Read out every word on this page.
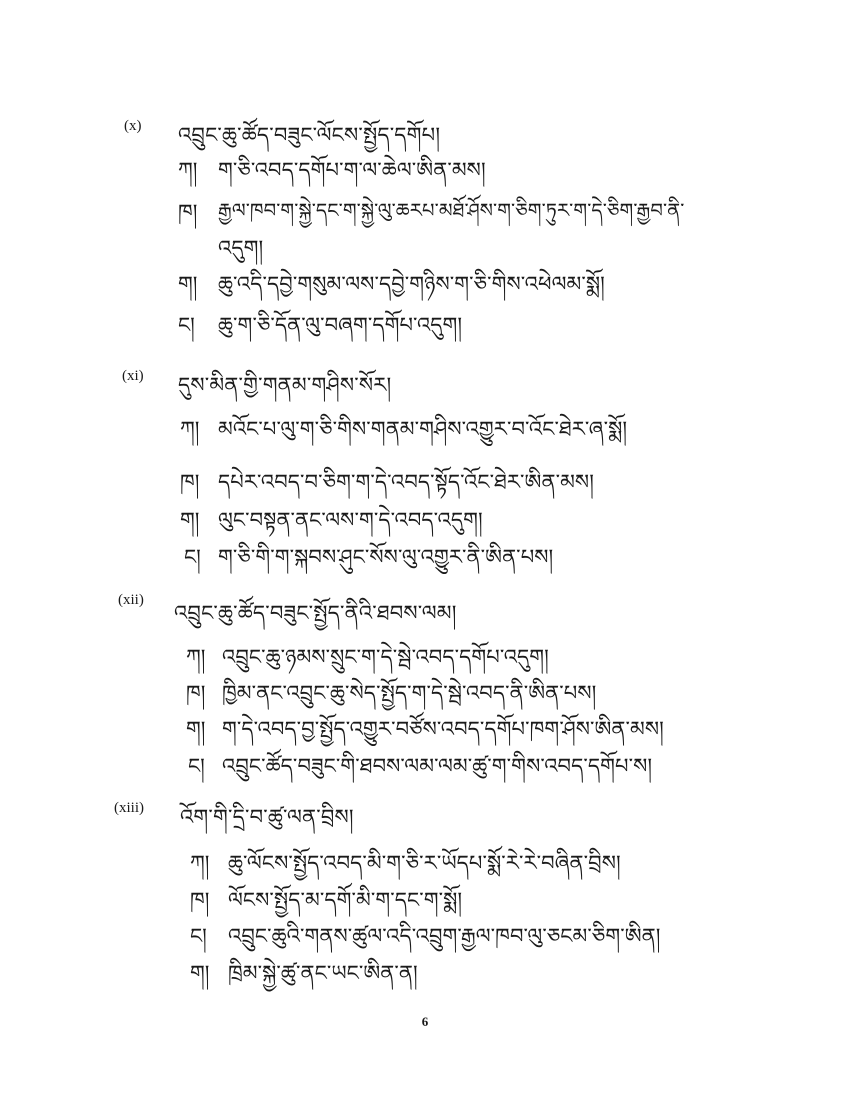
(x) འབྲུང་ཆུ་ཚོད་བཟུང་ལོངས་སྤྱོད་དགོཔ།
ཀ། ག་ཅི་འབད་དགོཔ་ག་ལ་ཆེལ་ཨིན་མས།
ཁ། རྒྱལ་ཁབ་ག་སྐྱེ་དང་ག་སྐྱེ་ལུ་ཆརཔ་མཐོ་ཤོས་ག་ཅིག་ཏུར་ག་དེ་ཅིག་རྒྱབ་ནི་
འདུག།
ག། ཆུ་འདི་དབྱེ་གསུམ་ལས་དབྱེ་གཉིས་ག་ཅི་གིས་འཕེལམ་སྨོ།
ང། ཆུ་ག་ཅི་དོན་ལུ་བཞག་དགོཔ་འདུག།
(xi) དུས་མིན་གྱི་གནམ་གཤིས་སོར།
ཀ། མའོང་པ་ལུ་ག་ཅི་གིས་གནམ་གཤིས་འགྱུར་བ་འོང་ཐེར་ཞ་སྨོ།
ཁ། དཔེར་འབད་བ་ཅིག་ག་དེ་འབད་སྟོད་འོང་ཐེར་ཨིན་མས།
ག། ལུང་བསྟན་ནང་ལས་ག་དེ་འབད་འདུག།
ང། ག་ཅི་གི་ག་སྐབས་ཤུང་སོས་ལུ་འགྱུར་ནི་ཨིན་པས།
(xii)
འབྲུང་ཆུ་ཚོད་བཟུང་སྤྱོད་ནིའི་ཐབས་ལམ།
ཀ། འབྲུང་ཆུ་ཉམས་སྲུང་ག་དེ་སྦེ་འབད་དགོཔ་འདུག།
ཁ། ཁྱིམ་ནང་འབྲུང་ཆུ་སེད་སྤྱོད་ག་དེ་སྦེ་འབད་ནི་ཨིན་པས།
ག། ག་དེ་འབད་བྱ་སྤྱོད་འགྱུར་བཙོས་འབད་དགོཔ་ཁག་ཤོས་ཨིན་མས།
ང། འབྲུང་ཚོད་བཟུང་གི་ཐབས་ལམ་ལམ་ཚུ་ག་གིས་འབད་དགོཔ་ས།
(xiii) འོག་གི་དྲི་བ་ཚུ་ལན་བྲིས།
ཀ། ཆུ་ལོངས་སྤྱོད་འབད་མི་ག་ཅི་ར་ཡོདཔ་སྨོ་རེ་རེ་བཞིན་བྲིས།
ཁ། ལོངས་སྤྱོད་མ་དགོ་མི་ག་དང་ག་སྨོ།
ང། འབྲུང་ཆུའི་གནས་ཚུལ་འདི་འབྲུག་རྒྱལ་ཁབ་ལུ་ཅངམ་ཅིག་ཨིན།
ག། ཁྲིམ་སྐྱེ་ཚུ་ནང་ཡང་ཨིན་ན།
6
